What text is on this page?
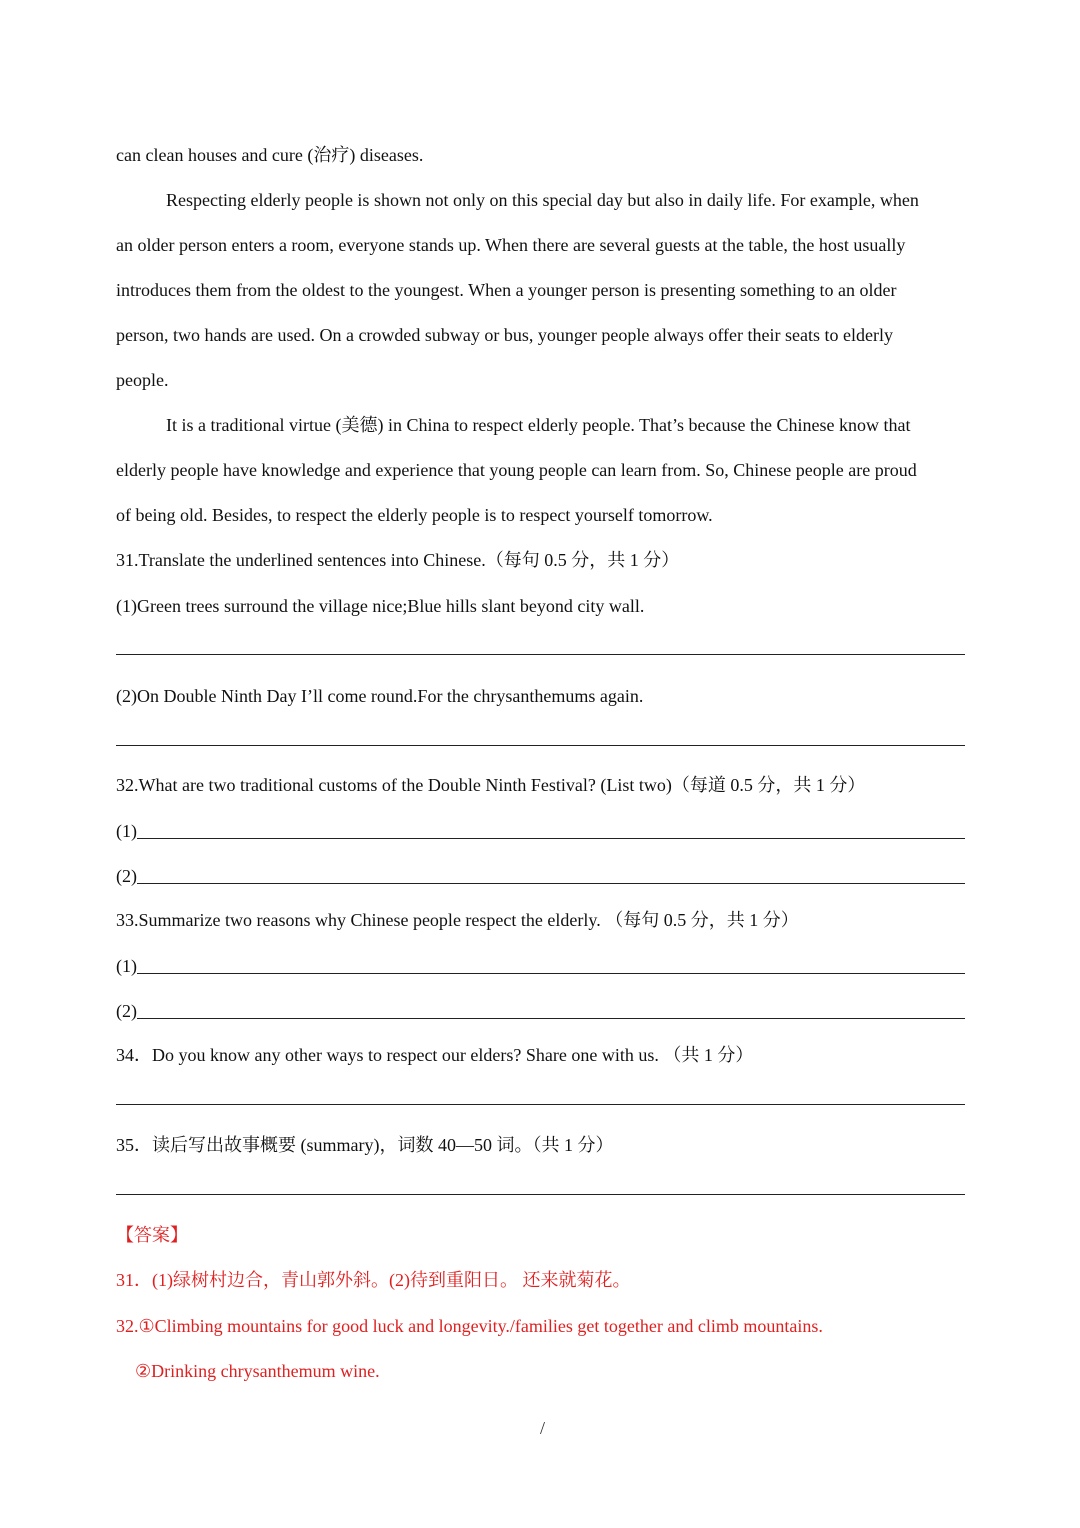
can clean houses and cure (治疗) diseases.
Respecting elderly people is shown not only on this special day but also in daily life. For example, when
an older person enters a room, everyone stands up. When there are several guests at the table, the host usually
introduces them from the oldest to the youngest. When a younger person is presenting something to an older
person, two hands are used. On a crowded subway or bus, younger people always offer their seats to elderly
people.
It is a traditional virtue (美德) in China to respect elderly people. That’s because the Chinese know that
elderly people have knowledge and experience that young people can learn from. So, Chinese people are proud
of being old. Besides, to respect the elderly people is to respect yourself tomorrow.
31.Translate the underlined sentences into Chinese.（每句 0.5 分，共 1 分）
(1)Green trees surround the village nice;Blue hills slant beyond city wall.
(2)On Double Ninth Day I’ll come round.For the chrysanthemums again.
32.What are two traditional customs of the Double Ninth Festival? (List two)（每道 0.5 分，共 1 分）
(1)
(2)
33.Summarize two reasons why Chinese people respect the elderly. （每句 0.5 分，共 1 分）
(1)
(2)
34．Do you know any other ways to respect our elders? Share one with us. （共 1 分）
35．读后写出故事概要 (summary)，词数 40—50 词。（共 1 分）
【答案】
31．(1)绿树村边合，青山郭外斜。(2)待到重阳日。 还来就菊花。
32.①Climbing mountains for good luck and longevity./families get together and climb mountains.
②Drinking chrysanthemum wine.
/
